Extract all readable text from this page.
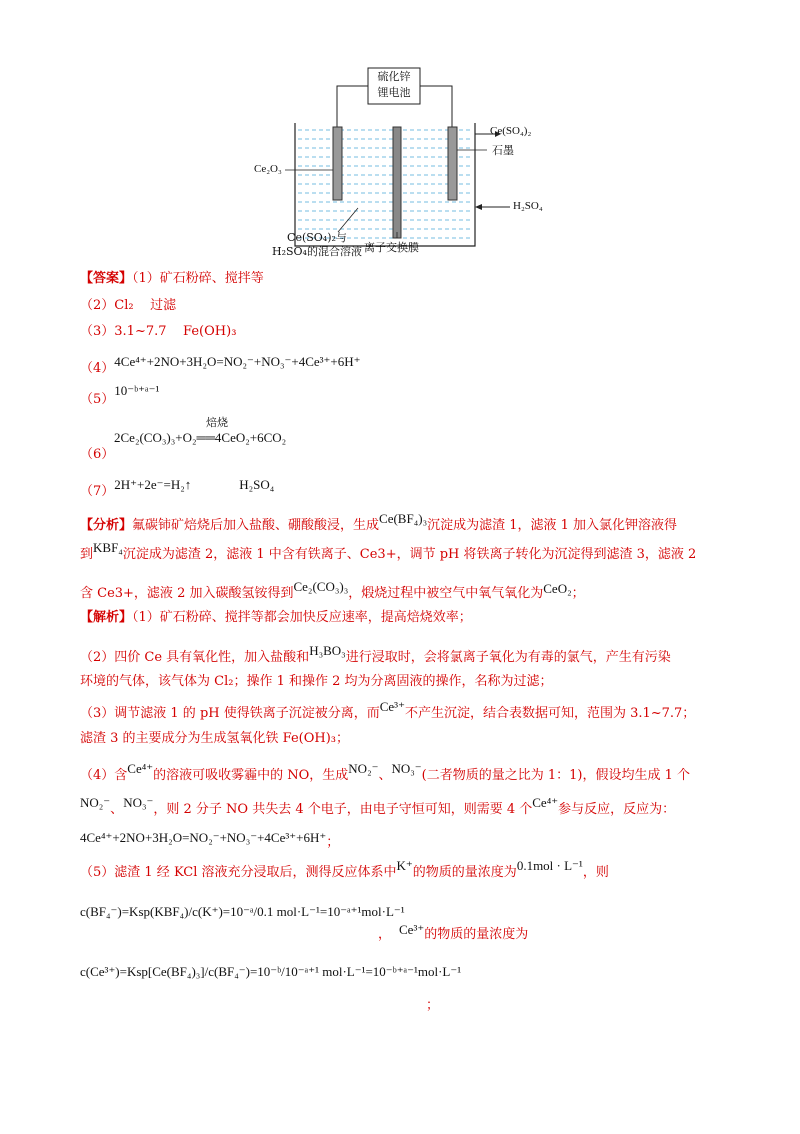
硫化锌
锂电池
Ce(SO₄)₂
石墨
H₂SO₄
Ce₂O₃
Ce(SO₄)₂与
H₂SO₄的混合溶液 离子交换膜
【答案】（1）矿石粉碎、搅拌等
（2）Cl₂    过滤
（3）3.1~7.7    Fe(OH)₃
（4）4Ce⁴⁺+2NO+3H₂O=NO₂⁻+NO₃⁻+4Ce³⁺+6H⁺
（5）10⁻ᵇ⁺ᵃ⁻¹
焙烧
2Ce₂(CO₃)₃+O₂══4CeO₂+6CO₂
（6）
（7）2H⁺+2e⁻=H₂↑	H₂SO₄
【分析】氟碳铈矿焙烧后加入盐酸、硼酸酸浸，生成Ce(BF₄)₃沉淀成为滤渣 1，滤液 1 加入氯化钾溶液得
到KBF₄沉淀成为滤渣 2，滤液 1 中含有铁离子、Ce3+，调节 pH 将铁离子转化为沉淀得到滤渣 3，滤液 2
含 Ce3+，滤液 2 加入碳酸氢铵得到Ce₂(CO₃)₃，煅烧过程中被空气中氧气氧化为CeO₂；
【解析】（1）矿石粉碎、搅拌等都会加快反应速率，提高焙烧效率；
（2）四价 Ce 具有氧化性，加入盐酸和H₃BO₃进行浸取时，会将氯离子氧化为有毒的氯气，产生有污染
环境的气体，该气体为 Cl₂；操作 1 和操作 2 均为分离固液的操作，名称为过滤；
（3）调节滤液 1 的 pH 使得铁离子沉淀被分离，而Ce³⁺不产生沉淀，结合表数据可知，范围为 3.1~7.7；
滤渣 3 的主要成分为生成氢氧化铁 Fe(OH)₃；
（4）含Ce⁴⁺的溶液可吸收雾霾中的 NO，生成NO₂⁻、NO₃⁻(二者物质的量之比为 1：1)，假设均生成 1 个
NO₂⁻、NO₃⁻，则 2 分子 NO 共失去 4 个电子，由电子守恒可知，则需要 4 个Ce⁴⁺参与反应，反应为：
4Ce⁴⁺+2NO+3H₂O=NO₂⁻+NO₃⁻+4Ce³⁺+6H⁺；
（5）滤渣 1 经 KCl 溶液充分浸取后，测得反应体系中K⁺的物质的量浓度为0.1mol · L⁻¹，则
c(BF₄⁻)=Ksp(KBF₄)/c(K⁺)=10⁻ᵃ/0.1 mol·L⁻¹=10⁻ᵃ⁺¹mol·L⁻¹
， Ce³⁺的物质的量浓度为
c(Ce³⁺)=Ksp[Ce(BF₄)₃]/c(BF₄⁻)=10⁻ᵇ/10⁻ᵃ⁺¹ mol·L⁻¹=10⁻ᵇ⁺ᵃ⁻¹mol·L⁻¹
；
